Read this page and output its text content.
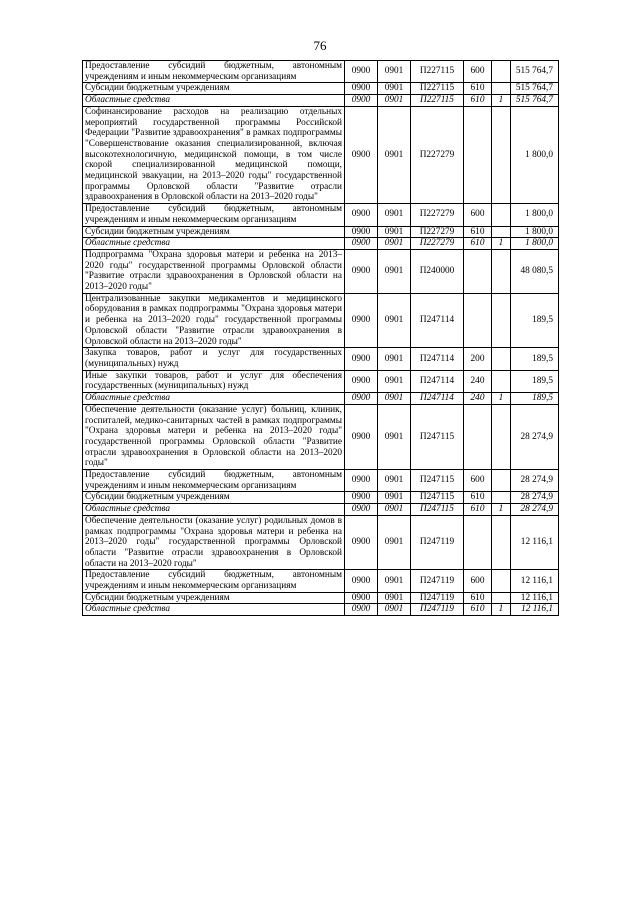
76
Предоставление субсидий бюджетным, автономным учреждениям и иным некоммерческим организациям	0900	0901	П227115	600		515 764,7
Субсидии бюджетным учреждениям	0900	0901	П227115	610		515 764,7
Областные средства	0900	0901	П227115	610	1	515 764,7
Софинансирование расходов на реализацию отдельных мероприятий государственной программы Российской Федерации "Развитие здравоохранения" в рамках подпрограммы "Совершенствование оказания специализированной, включая высокотехнологичную, медицинской помощи, в том числе скорой специализированной медицинской помощи, медицинской эвакуации, на 2013–2020 годы" государственной программы Орловской области "Развитие отрасли здравоохранения в Орловской области на 2013–2020 годы"	0900	0901	П227279			1 800,0
Предоставление субсидий бюджетным, автономным учреждениям и иным некоммерческим организациям	0900	0901	П227279	600		1 800,0
Субсидии бюджетным учреждениям	0900	0901	П227279	610		1 800,0
Областные средства	0900	0901	П227279	610	1	1 800,0
Подпрограмма "Охрана здоровья матери и ребенка на 2013–2020 годы" государственной программы Орловской области "Развитие отрасли здравоохранения в Орловской области на 2013–2020 годы"	0900	0901	П240000			48 080,5
Централизованные закупки медикаментов и медицинского оборудования в рамках подпрограммы "Охрана здоровья матери и ребенка на 2013–2020 годы" государственной программы Орловской области "Развитие отрасли здравоохранения в Орловской области на 2013–2020 годы"	0900	0901	П247114			189,5
Закупка товаров, работ и услуг для государственных (муниципальных) нужд	0900	0901	П247114	200		189,5
Иные закупки товаров, работ и услуг для обеспечения государственных (муниципальных) нужд	0900	0901	П247114	240		189,5
Областные средства	0900	0901	П247114	240	1	189,5
Обеспечение деятельности (оказание услуг) больниц, клиник, госпиталей, медико-санитарных частей в рамках подпрограммы "Охрана здоровья матери и ребенка на 2013–2020 годы" государственной программы Орловской области "Развитие отрасли здравоохранения в Орловской области на 2013–2020 годы"	0900	0901	П247115			28 274,9
Предоставление субсидий бюджетным, автономным учреждениям и иным некоммерческим организациям	0900	0901	П247115	600		28 274,9
Субсидии бюджетным учреждениям	0900	0901	П247115	610		28 274,9
Областные средства	0900	0901	П247115	610	1	28 274,9
Обеспечение деятельности (оказание услуг) родильных домов в рамках подпрограммы "Охрана здоровья матери и ребенка на 2013–2020 годы" государственной программы Орловской области "Развитие отрасли здравоохранения в Орловской области на 2013–2020 годы"	0900	0901	П247119			12 116,1
Предоставление субсидий бюджетным, автономным учреждениям и иным некоммерческим организациям	0900	0901	П247119	600		12 116,1
Субсидии бюджетным учреждениям	0900	0901	П247119	610		12 116,1
Областные средства	0900	0901	П247119	610	1	12 116,1
